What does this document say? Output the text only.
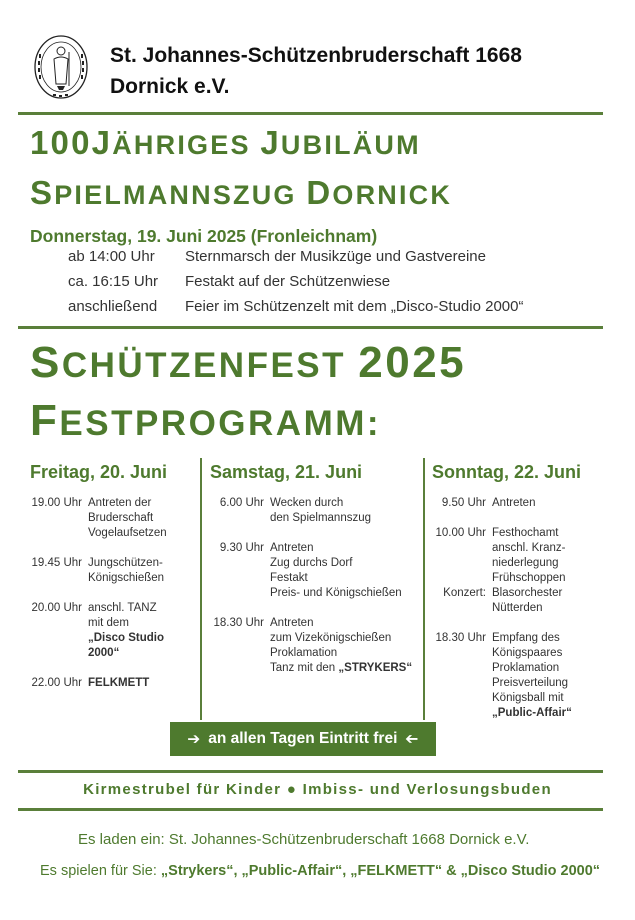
St. Johannes-Schützenbruderschaft 1668
Dornick e.V.
100JÄHRIGES JUBILÄUM
SPIELMANNSZUG DORNICK
Donnerstag, 19. Juni 2025 (Fronleichnam)
ab 14:00 Uhr Sternmarsch der Musikzüge und Gastvereine
ca. 16:15 Uhr Festakt auf der Schützenwiese
anschließend Feier im Schützenzelt mit dem „Disco-Studio 2000“
SCHÜTZENFEST 2025
FESTPROGRAMM:
Freitag, 20. Juni
19.00 Uhr Antreten der
Bruderschaft
Vogelaufsetzen
19.45 Uhr Jungschützen-
Königschießen
20.00 Uhr anschl. TANZ
mit dem
„Disco Studio
2000“
22.00 Uhr FELKMETT
Samstag, 21. Juni
6.00 Uhr Wecken durch
den Spielmannszug
9.30 Uhr Antreten
Zug durchs Dorf
Festakt
Preis- und Königschießen
18.30 Uhr Antreten
zum Vizekönigschießen
Proklamation
Tanz mit den „STRYKERS“
Sonntag, 22. Juni
9.50 Uhr Antreten
10.00 Uhr Festhochamt
anschl. Kranz-
niederlegung
Frühschoppen
Konzert: Blasorchester
Nütterden
18.30 Uhr Empfang des
Königspaares
Proklamation
Preisverteilung
Königsball mit
„Public-Affair“
➔ an allen Tagen Eintritt frei ➔
Kirmestrubel für Kinder ● Imbiss- und Verlosungsbuden
Es laden ein: St. Johannes-Schützenbruderschaft 1668 Dornick e.V.
Es spielen für Sie: „Strykers“, „Public-Affair“, „FELKMETT“ & „Disco Studio 2000“
